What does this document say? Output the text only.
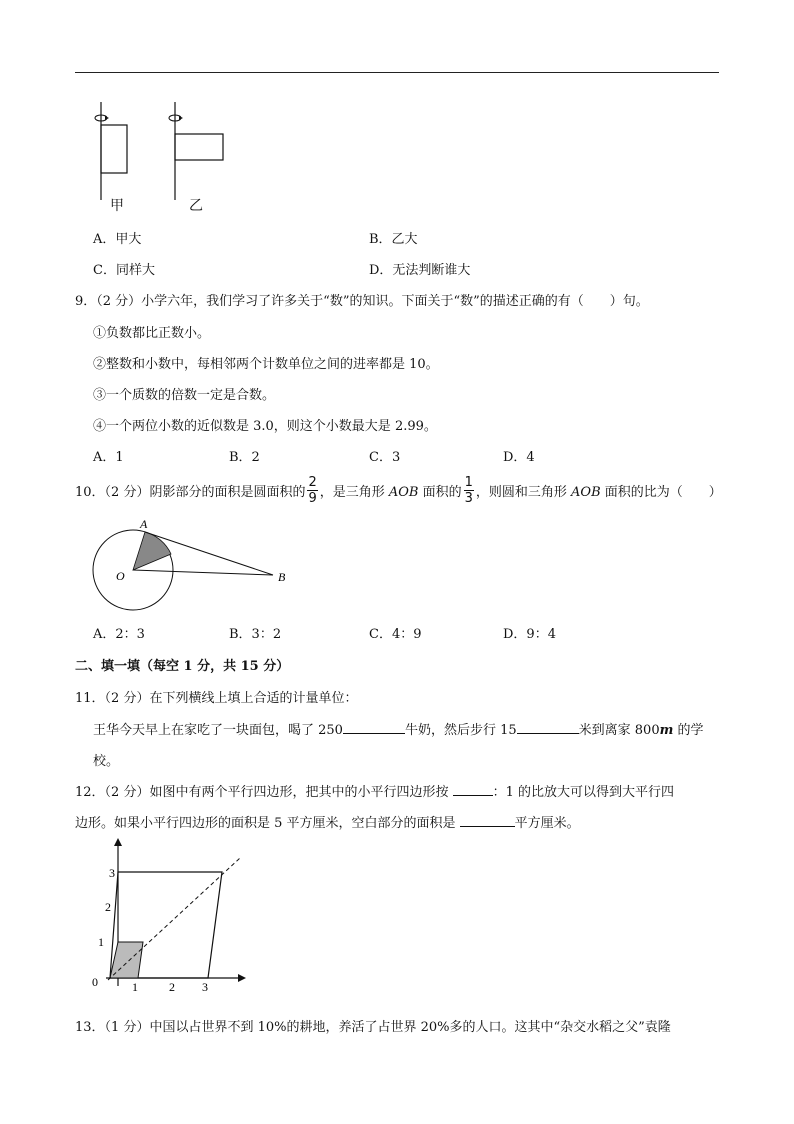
甲	乙
A．甲大	B．乙大
C．同样大	D．无法判断谁大
9．（2 分）小学六年，我们学习了许多关于“数”的知识。下面关于“数”的描述正确的有（　　）句。
①负数都比正数小。
②整数和小数中，每相邻两个计数单位之间的进率都是 10。
③一个质数的倍数一定是合数。
④一个两位小数的近似数是 3.0，则这个小数最大是 2.99。
A．1	B．2	C．3	D．4
10．（2 分）阴影部分的面积是圆面积的 $\frac{2}{9}$ ，是三角形 AOB 面积的 $\frac{1}{3}$ ，则圆和三角形 AOB 面积的比为（　　）
A
O	B
A．2：3	B．3：2	C．4：9	D．9：4
二、填一填（每空 1 分，共 15 分）
11．（2 分）在下列横线上填上合适的计量单位：
王华今天早上在家吃了一块面包，喝了 250	牛奶，然后步行 15	米到离家 800m 的学
校。
12．（2 分）如图中有两个平行四边形，把其中的小平行四边形按	：1 的比放大可以得到大平行四
边形。如果小平行四边形的面积是 5 平方厘米，空白部分的面积是	平方厘米。
0	1	2 3
1
2
3
13．（1 分）中国以占世界不到 10%的耕地，养活了占世界 20%多的人口。这其中“杂交水稻之父”袁隆
